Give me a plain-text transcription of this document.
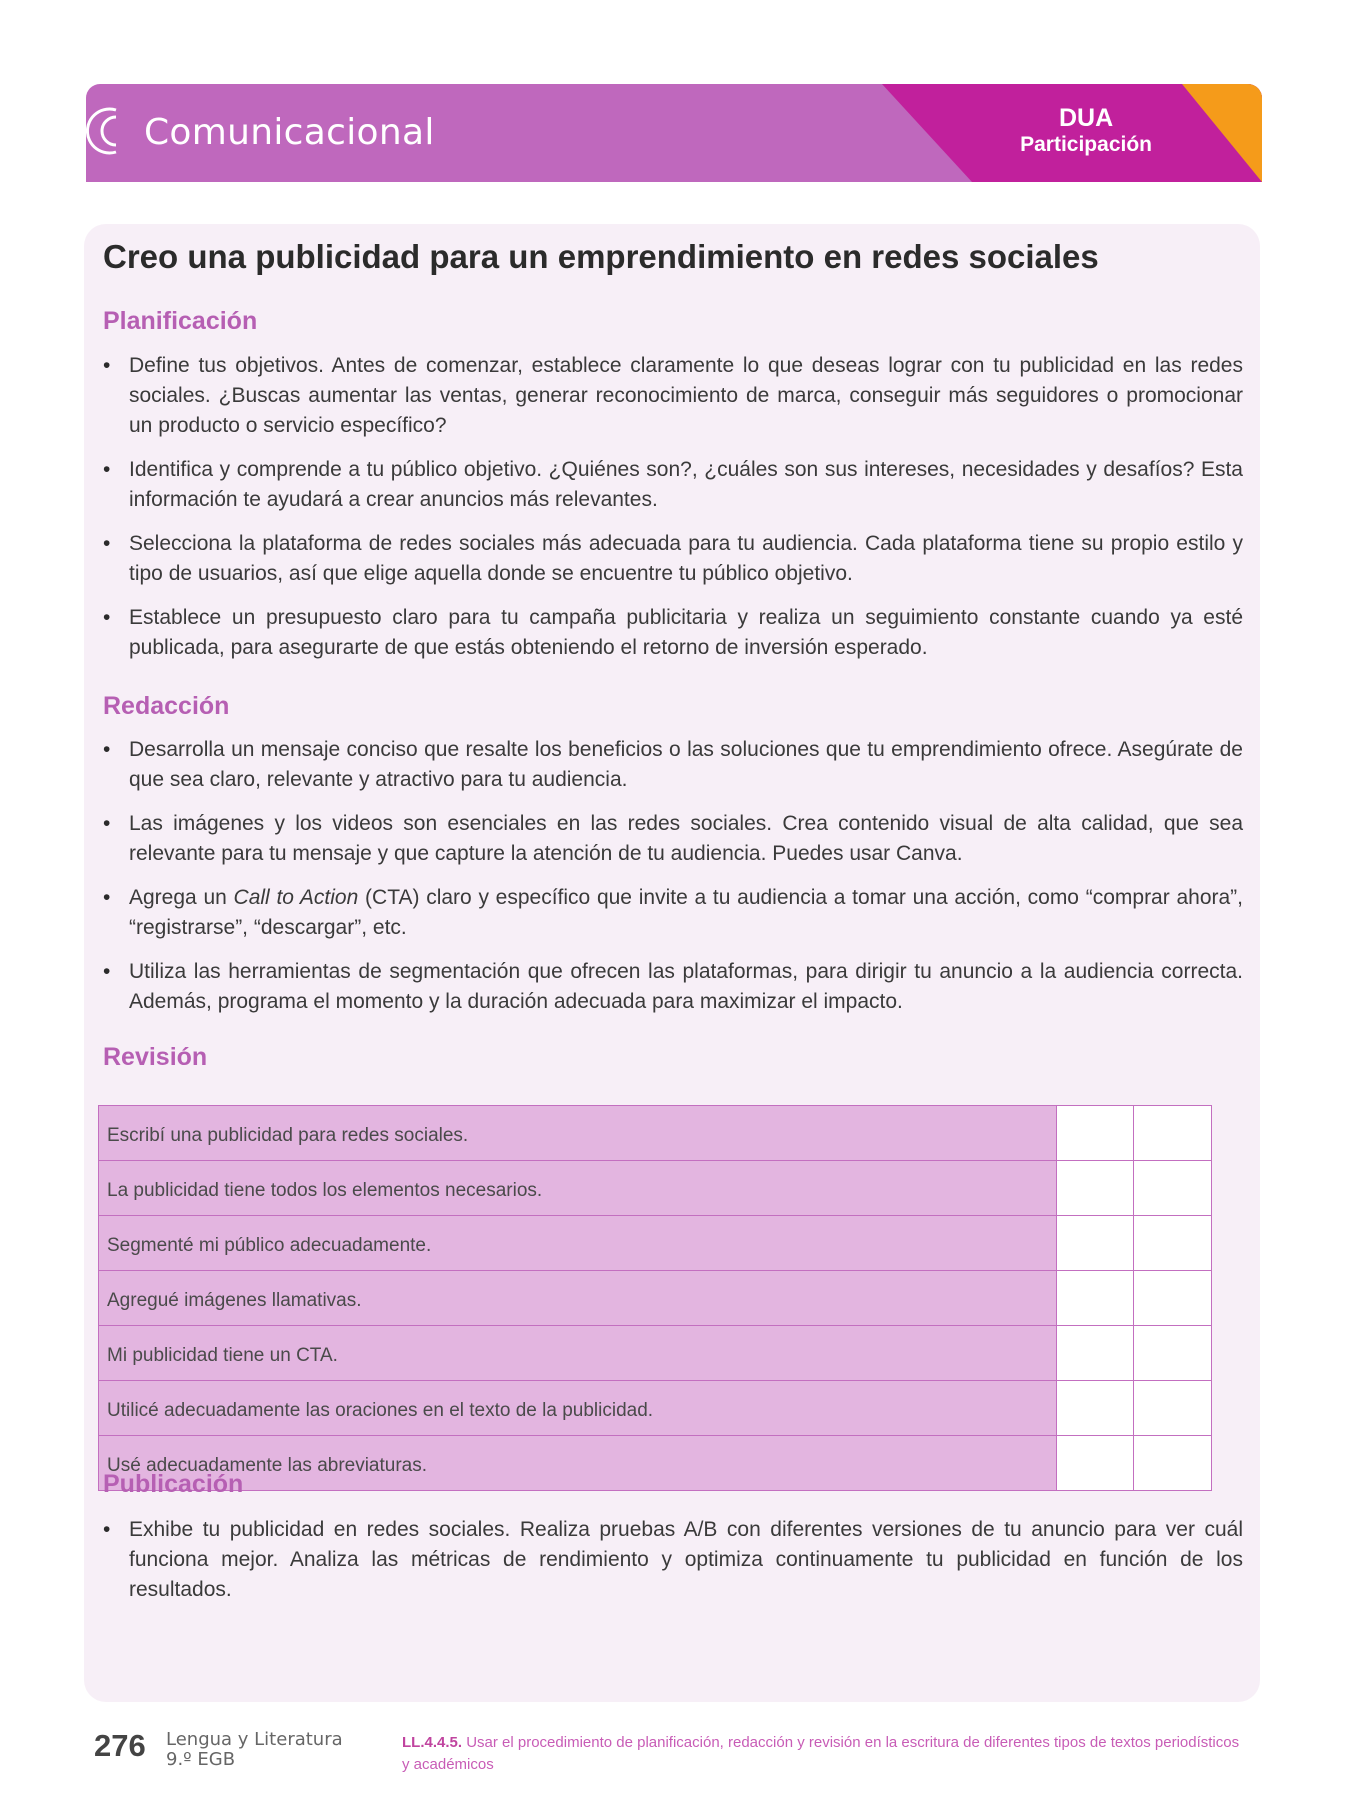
Comunicacional	DUA
Participación
Creo una publicidad para un emprendimiento en redes sociales
Planificación
• Define tus objetivos. Antes de comenzar, establece claramente lo que deseas lograr con tu publicidad en las redes sociales. ¿Buscas aumentar las ventas, generar reconocimiento de marca, conseguir más seguidores o promocionar un producto o servicio específico?
• Identifica y comprende a tu público objetivo. ¿Quiénes son?, ¿cuáles son sus intereses, necesidades y desafíos? Esta información te ayudará a crear anuncios más relevantes.
• Selecciona la plataforma de redes sociales más adecuada para tu audiencia. Cada plataforma tiene su propio estilo y tipo de usuarios, así que elige aquella donde se encuentre tu público objetivo.
• Establece un presupuesto claro para tu campaña publicitaria y realiza un seguimiento constante cuando ya esté publicada, para asegurarte de que estás obteniendo el retorno de inversión esperado.
Redacción
• Desarrolla un mensaje conciso que resalte los beneficios o las soluciones que tu emprendimiento ofrece. Asegúrate de que sea claro, relevante y atractivo para tu audiencia.
• Las imágenes y los videos son esenciales en las redes sociales. Crea contenido visual de alta calidad, que sea relevante para tu mensaje y que capture la atención de tu audiencia. Puedes usar Canva.
• Agrega un Call to Action (CTA) claro y específico que invite a tu audiencia a tomar una acción, como “comprar ahora”, “registrarse”, “descargar”, etc.
• Utiliza las herramientas de segmentación que ofrecen las plataformas, para dirigir tu anuncio a la audiencia correcta. Además, programa el momento y la duración adecuada para maximizar el impacto.
Revisión
Escribí una publicidad para redes sociales.		
La publicidad tiene todos los elementos necesarios.		
Segmenté mi público adecuadamente.		
Agregué imágenes llamativas.		
Mi publicidad tiene un CTA.		
Utilicé adecuadamente las oraciones en el texto de la publicidad.		
Usé adecuadamente las abreviaturas.		
Publicación
• Exhibe tu publicidad en redes sociales. Realiza pruebas A/B con diferentes versiones de tu anuncio para ver cuál funciona mejor. Analiza las métricas de rendimiento y optimiza continuamente tu publicidad en función de los resultados.
276 Lengua y Literatura
9.º EGB
LL.4.4.5. Usar el procedimiento de planificación, redacción y revisión en la escritura de diferentes tipos de textos periodísticos y académicos
